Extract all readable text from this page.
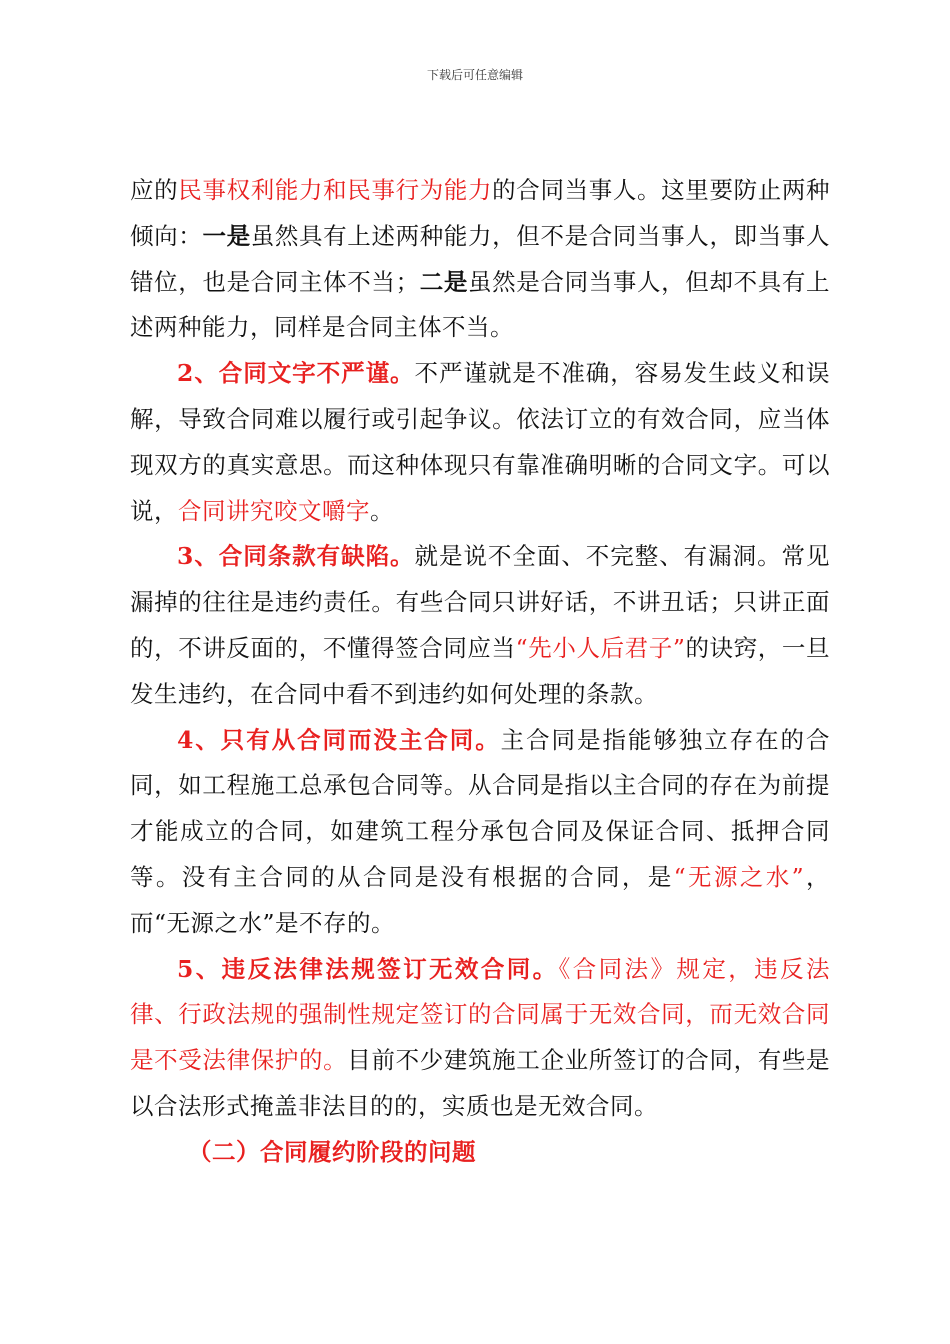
下载后可任意编辑

应的民事权利能力和民事行为能力的合同当事人。这里要防止两种倾向：一是虽然具有上述两种能力，但不是合同当事人，即当事人错位，也是合同主体不当；二是虽然是合同当事人，但却不具有上述两种能力，同样是合同主体不当。

2、合同文字不严谨。不严谨就是不准确，容易发生歧义和误解，导致合同难以履行或引起争议。依法订立的有效合同，应当体现双方的真实意思。而这种体现只有靠准确明晰的合同文字。可以说，合同讲究咬文嚼字。

3、合同条款有缺陷。就是说不全面、不完整、有漏洞。常见漏掉的往往是违约责任。有些合同只讲好话，不讲丑话；只讲正面的，不讲反面的，不懂得签合同应当“先小人后君子”的诀窍，一旦发生违约，在合同中看不到违约如何处理的条款。

4、只有从合同而没主合同。主合同是指能够独立存在的合同，如工程施工总承包合同等。从合同是指以主合同的存在为前提才能成立的合同，如建筑工程分承包合同及保证合同、抵押合同等。没有主合同的从合同是没有根据的合同，是“无源之水”，而“无源之水”是不存的。

5、违反法律法规签订无效合同。《合同法》规定，违反法律、行政法规的强制性规定签订的合同属于无效合同，而无效合同是不受法律保护的。目前不少建筑施工企业所签订的合同，有些是以合法形式掩盖非法目的的，实质也是无效合同。

（二）合同履约阶段的问题
